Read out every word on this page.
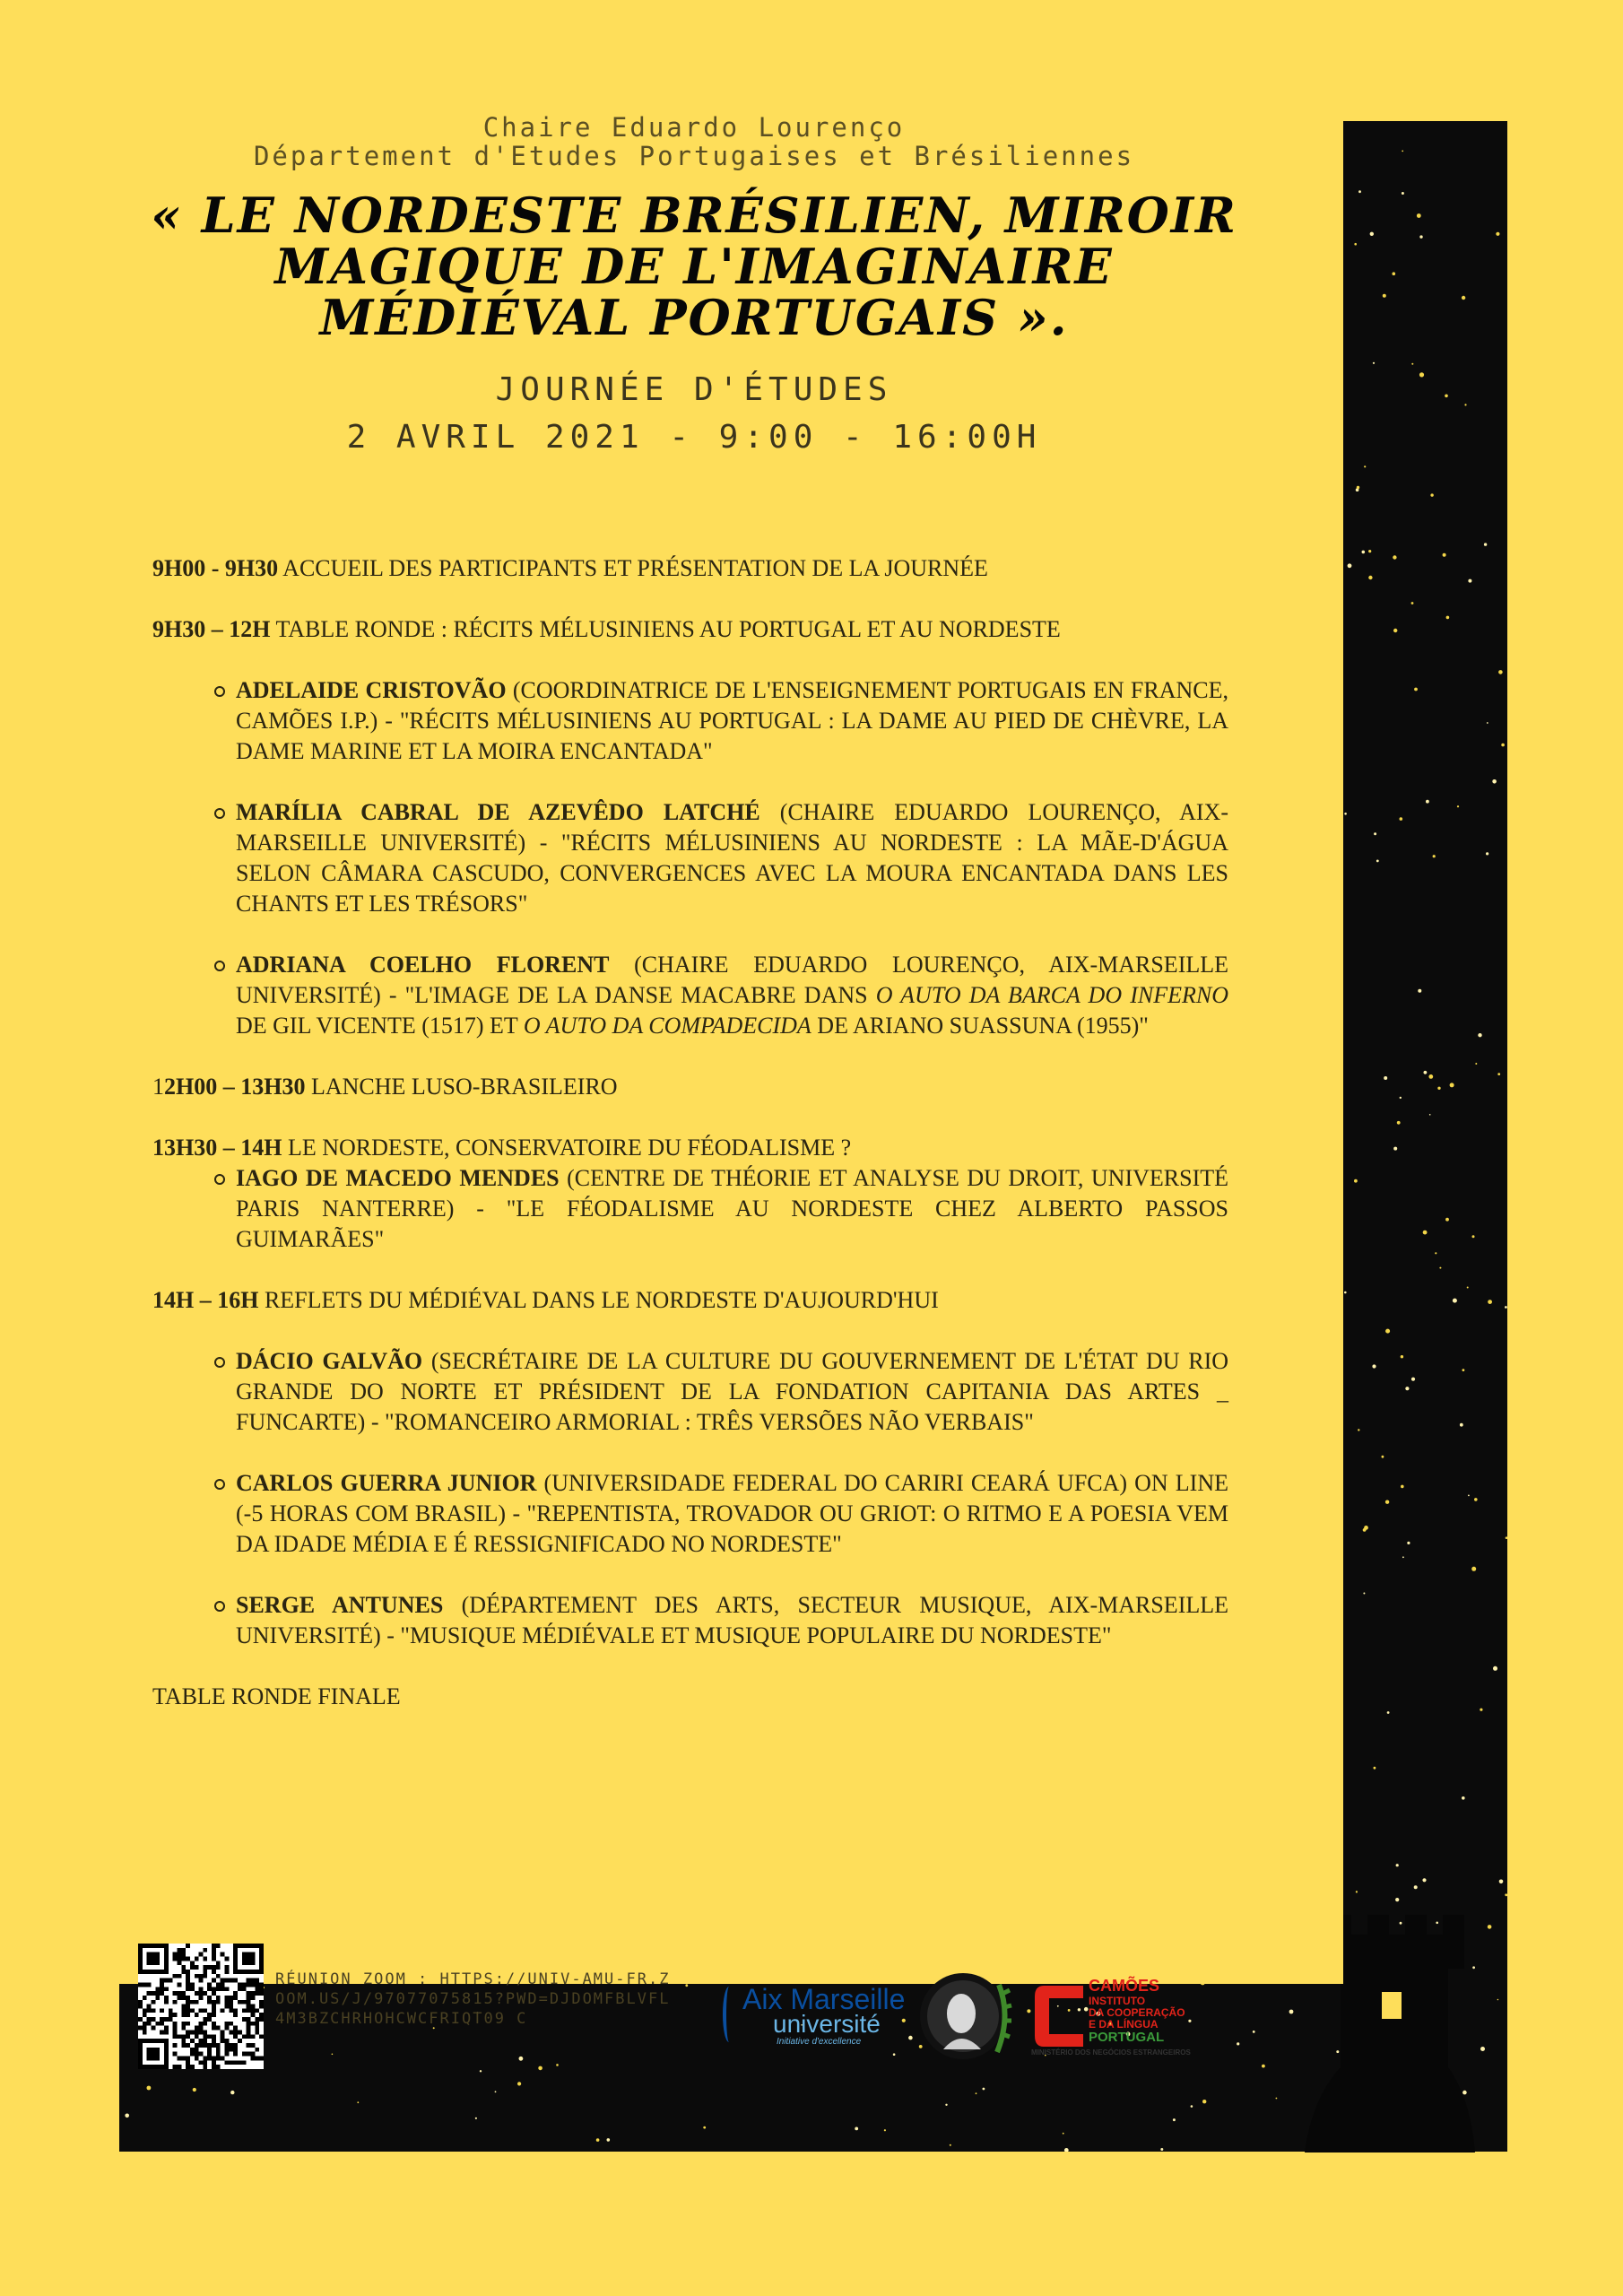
Chaire Eduardo Lourenço
Département d'Etudes Portugaises et Brésiliennes
« LE NORDESTE BRÉSILIEN, MIROIR
MAGIQUE DE L'IMAGINAIRE
MÉDIÉVAL PORTUGAIS ».
JOURNÉE D'ÉTUDES
2 AVRIL 2021 - 9:00 - 16:00H

9H00 - 9H30 ACCUEIL DES PARTICIPANTS ET PRÉSENTATION DE LA JOURNÉE

9H30 – 12H TABLE RONDE : RÉCITS MÉLUSINIENS AU PORTUGAL ET AU NORDESTE

ADELAIDE CRISTOVÃO (COORDINATRICE DE L'ENSEIGNEMENT PORTUGAIS EN FRANCE, CAMÕES I.P.) - "RÉCITS MÉLUSINIENS AU PORTUGAL : LA DAME AU PIED DE CHÈVRE, LA DAME MARINE ET LA MOIRA ENCANTADA"
MARÍLIA CABRAL DE AZEVÊDO LATCHÉ (CHAIRE EDUARDO LOURENÇO, AIX-MARSEILLE UNIVERSITÉ) - "RÉCITS MÉLUSINIENS AU NORDESTE : LA MÃE-D'ÁGUA SELON CÂMARA CASCUDO, CONVERGENCES AVEC LA MOURA ENCANTADA DANS LES CHANTS ET LES TRÉSORS"
ADRIANA COELHO FLORENT (CHAIRE EDUARDO LOURENÇO, AIX-MARSEILLE UNIVERSITÉ) - "L'IMAGE DE LA DANSE MACABRE DANS O AUTO DA BARCA DO INFERNO DE GIL VICENTE (1517) ET O AUTO DA COMPADECIDA DE ARIANO SUASSUNA (1955)"

12H00 – 13H30 LANCHE LUSO-BRASILEIRO

13H30 – 14H LE NORDESTE, CONSERVATOIRE DU FÉODALISME ?

IAGO DE MACEDO MENDES (CENTRE DE THÉORIE ET ANALYSE DU DROIT, UNIVERSITÉ PARIS NANTERRE) - "LE FÉODALISME AU NORDESTE CHEZ ALBERTO PASSOS GUIMARÃES"

14H – 16H REFLETS DU MÉDIÉVAL DANS LE NORDESTE D'AUJOURD'HUI

DÁCIO GALVÃO (SECRÉTAIRE DE LA CULTURE DU GOUVERNEMENT DE L'ÉTAT DU RIO GRANDE DO NORTE ET PRÉSIDENT DE LA FONDATION CAPITANIA DAS ARTES _ FUNCARTE) - "ROMANCEIRO ARMORIAL : TRÊS VERSÕES NÃO VERBAIS"
CARLOS GUERRA JUNIOR (UNIVERSIDADE FEDERAL DO CARIRI CEARÁ UFCA) ON LINE (-5 HORAS COM BRASIL) - "REPENTISTA, TROVADOR OU GRIOT: O RITMO E A POESIA VEM DA IDADE MÉDIA E É RESSIGNIFICADO NO NORDESTE"
SERGE ANTUNES (DÉPARTEMENT DES ARTS, SECTEUR MUSIQUE, AIX-MARSEILLE UNIVERSITÉ) - "MUSIQUE MÉDIÉVALE ET MUSIQUE POPULAIRE DU NORDESTE"

TABLE RONDE FINALE

RÉUNION ZOOM : HTTPS://UNIV-AMU-FR.ZOOM.US/J/97077075815?PWD=DJDOMFBLVFL4M3BZCHRHOHCWCFRIQT09 C
Aix Marseille
université
Initiative d'excellence
CAMÕES
INSTITUTO
DA COOPERAÇÃO
E DA LÍNGUA
PORTUGAL
MINISTÉRIO DOS NEGÓCIOS ESTRANGEIROS
